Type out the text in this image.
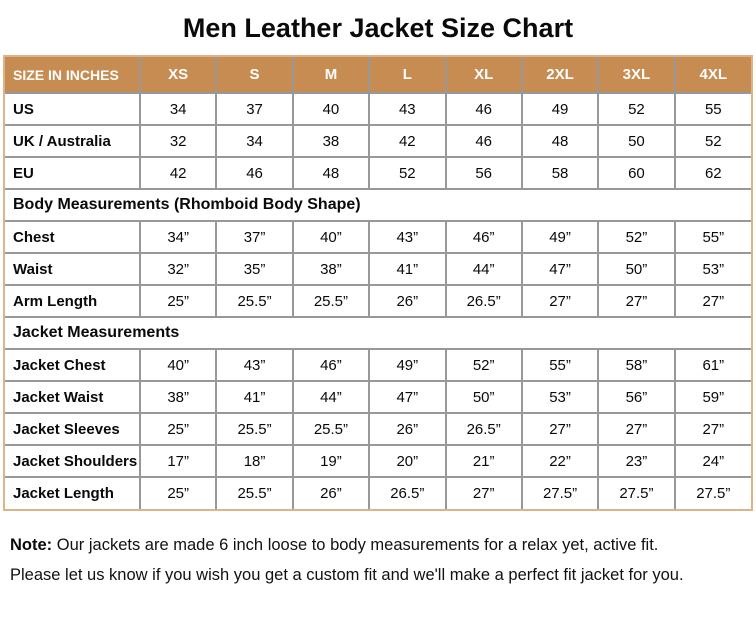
Men Leather Jacket Size Chart
SIZE IN INCHES	XS	S	M	L	XL	2XL	3XL	4XL
US	34	37	40	43	46	49	52	55
UK / Australia	32	34	38	42	46	48	50	52
EU	42	46	48	52	56	58	60	62
Body Measurements (Rhomboid Body Shape)								
Chest	34”	37”	40”	43”	46”	49”	52”	55”
Waist	32”	35”	38”	41”	44”	47”	50”	53”
Arm Length	25”	25.5”	25.5”	26”	26.5”	27”	27”	27”
Jacket Measurements								
Jacket Chest	40”	43”	46”	49”	52”	55”	58”	61”
Jacket Waist	38”	41”	44”	47”	50”	53”	56”	59”
Jacket Sleeves	25”	25.5”	25.5”	26”	26.5”	27”	27”	27”
Jacket Shoulders	17”	18”	19”	20”	21”	22”	23”	24”
Jacket Length	25”	25.5”	26”	26.5”	27”	27.5”	27.5”	27.5”

Note: Our jackets are made 6 inch loose to body measurements for a relax yet, active fit.
Please let us know if you wish you get a custom fit and we'll make a perfect fit jacket for you.
